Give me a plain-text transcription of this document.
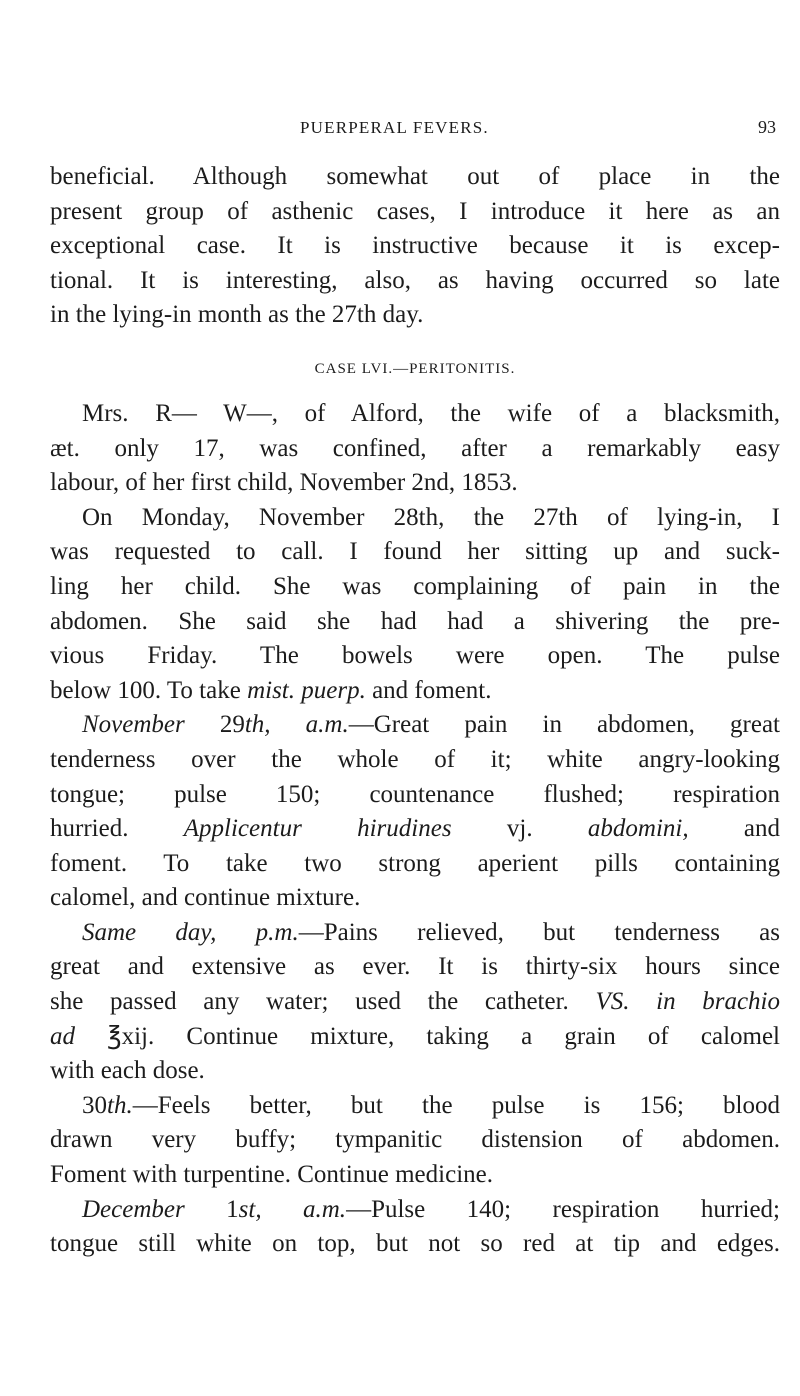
PUERPERAL FEVERS.	93
beneficial. Although somewhat out of place in the
present group of asthenic cases, I introduce it here as an
exceptional case. It is instructive because it is excep-
tional. It is interesting, also, as having occurred so late
in the lying-in month as the 27th day.
CASE LVI.—PERITONITIS.
Mrs. R— W—, of Alford, the wife of a blacksmith,
æt. only 17, was confined, after a remarkably easy
labour, of her first child, November 2nd, 1853.
On Monday, November 28th, the 27th of lying-in, I
was requested to call. I found her sitting up and suck-
ling her child. She was complaining of pain in the
abdomen. She said she had had a shivering the pre-
vious Friday. The bowels were open. The pulse
below 100. To take mist. puerp. and foment.
November 29th, a.m.—Great pain in abdomen, great
tenderness over the whole of it; white angry-looking
tongue; pulse 150; countenance flushed; respiration
hurried. Applicentur hirudines vj. abdomini, and
foment. To take two strong aperient pills containing
calomel, and continue mixture.
Same day, p.m.—Pains relieved, but tenderness as
great and extensive as ever. It is thirty-six hours since
she passed any water; used the catheter. VS. in brachio
ad ℥xij. Continue mixture, taking a grain of calomel
with each dose.
30th.—Feels better, but the pulse is 156; blood
drawn very buffy; tympanitic distension of abdomen.
Foment with turpentine. Continue medicine.
December 1st, a.m.—Pulse 140; respiration hurried;
tongue still white on top, but not so red at tip and edges.
